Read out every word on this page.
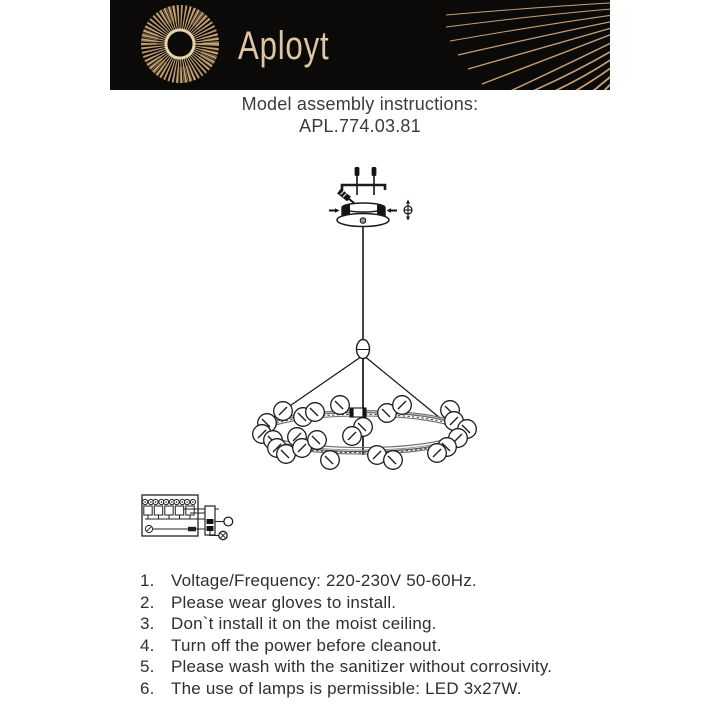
Aployt
Model assembly instructions:
APL.774.03.81
1. Voltage/Frequency: 220-230V 50-60Hz.
2. Please wear gloves to install.
3. Don`t install it on the moist ceiling.
4. Turn off the power before cleanout.
5. Please wash with the sanitizer without corrosivity.
6. The use of lamps is permissible: LED 3x27W.
